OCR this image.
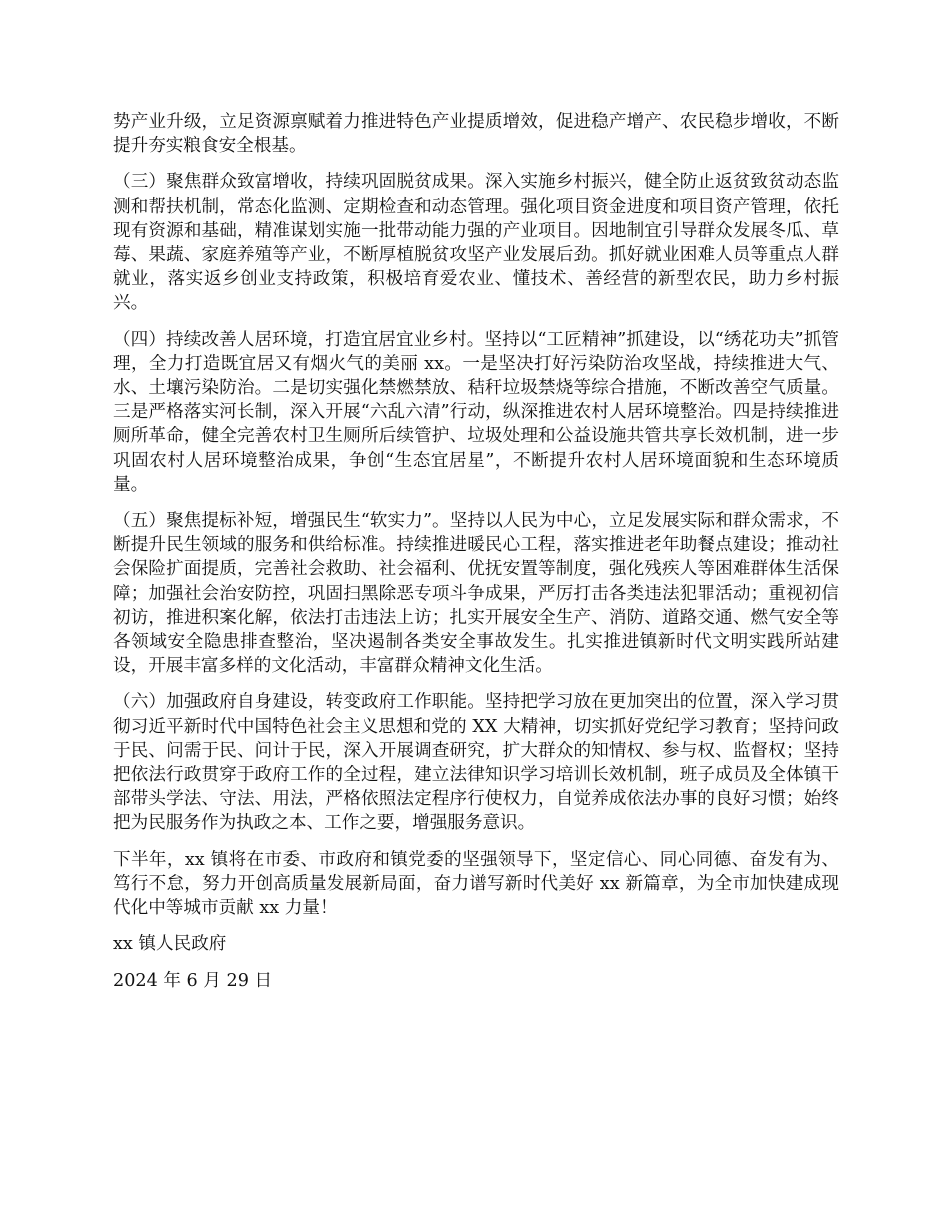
势产业升级，立足资源禀赋着力推进特色产业提质增效，促进稳产增产、农民稳步增收，不断提升夯实粮食安全根基。

（三）聚焦群众致富增收，持续巩固脱贫成果。深入实施乡村振兴，健全防止返贫致贫动态监测和帮扶机制，常态化监测、定期检查和动态管理。强化项目资金进度和项目资产管理，依托现有资源和基础，精准谋划实施一批带动能力强的产业项目。因地制宜引导群众发展冬瓜、草莓、果蔬、家庭养殖等产业，不断厚植脱贫攻坚产业发展后劲。抓好就业困难人员等重点人群就业，落实返乡创业支持政策，积极培育爱农业、懂技术、善经营的新型农民，助力乡村振兴。

（四）持续改善人居环境，打造宜居宜业乡村。坚持以“工匠精神”抓建设，以“绣花功夫”抓管理，全力打造既宜居又有烟火气的美丽 xx。一是坚决打好污染防治攻坚战，持续推进大气、水、土壤污染防治。二是切实强化禁燃禁放、秸秆垃圾禁烧等综合措施，不断改善空气质量。三是严格落实河长制，深入开展“六乱六清”行动，纵深推进农村人居环境整治。四是持续推进厕所革命，健全完善农村卫生厕所后续管护、垃圾处理和公益设施共管共享长效机制，进一步巩固农村人居环境整治成果，争创“生态宜居星”，不断提升农村人居环境面貌和生态环境质量。

（五）聚焦提标补短，增强民生“软实力”。坚持以人民为中心，立足发展实际和群众需求，不断提升民生领域的服务和供给标准。持续推进暖民心工程，落实推进老年助餐点建设；推动社会保险扩面提质，完善社会救助、社会福利、优抚安置等制度，强化残疾人等困难群体生活保障；加强社会治安防控，巩固扫黑除恶专项斗争成果，严厉打击各类违法犯罪活动；重视初信初访，推进积案化解，依法打击违法上访；扎实开展安全生产、消防、道路交通、燃气安全等各领域安全隐患排查整治，坚决遏制各类安全事故发生。扎实推进镇新时代文明实践所站建设，开展丰富多样的文化活动，丰富群众精神文化生活。

（六）加强政府自身建设，转变政府工作职能。坚持把学习放在更加突出的位置，深入学习贯彻习近平新时代中国特色社会主义思想和党的 XX 大精神，切实抓好党纪学习教育；坚持问政于民、问需于民、问计于民，深入开展调查研究，扩大群众的知情权、参与权、监督权；坚持把依法行政贯穿于政府工作的全过程，建立法律知识学习培训长效机制，班子成员及全体镇干部带头学法、守法、用法，严格依照法定程序行使权力，自觉养成依法办事的良好习惯；始终把为民服务作为执政之本、工作之要，增强服务意识。

下半年，xx 镇将在市委、市政府和镇党委的坚强领导下，坚定信心、同心同德、奋发有为、笃行不怠，努力开创高质量发展新局面，奋力谱写新时代美好 xx 新篇章，为全市加快建成现代化中等城市贡献 xx 力量！

xx 镇人民政府

2024 年 6 月 29 日
